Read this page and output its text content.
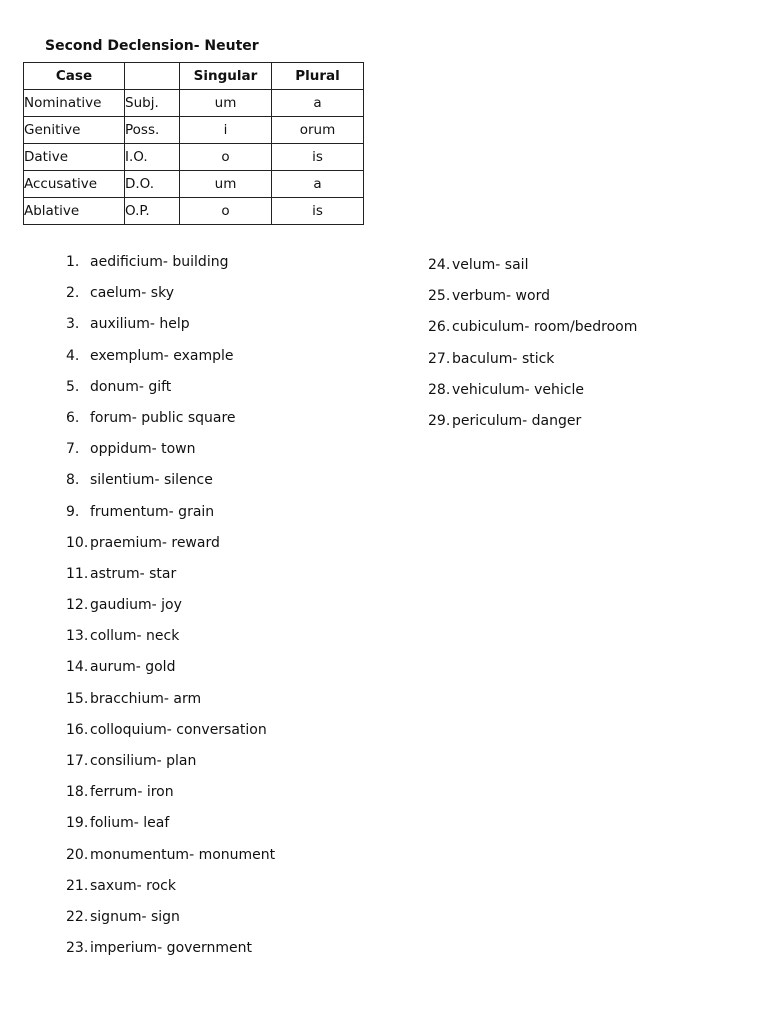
Second Declension- Neuter
Case		Singular	Plural
Nominative	Subj.	um	a
Genitive	Poss.	i	orum
Dative	I.O.	o	is
Accusative	D.O.	um	a
Ablative	O.P.	o	is
1. aedificium- building
2. caelum- sky
3. auxilium- help
4. exemplum- example
5. donum- gift
6. forum- public square
7. oppidum- town
8. silentium- silence
9. frumentum- grain
10. praemium- reward
11. astrum- star
12. gaudium- joy
13. collum- neck
14. aurum- gold
15. bracchium- arm
16. colloquium- conversation
17. consilium- plan
18. ferrum- iron
19. folium- leaf
20. monumentum- monument
21. saxum- rock
22. signum- sign
23. imperium- government
24. velum- sail
25. verbum- word
26. cubiculum- room/bedroom
27. baculum- stick
28. vehiculum- vehicle
29. periculum- danger
